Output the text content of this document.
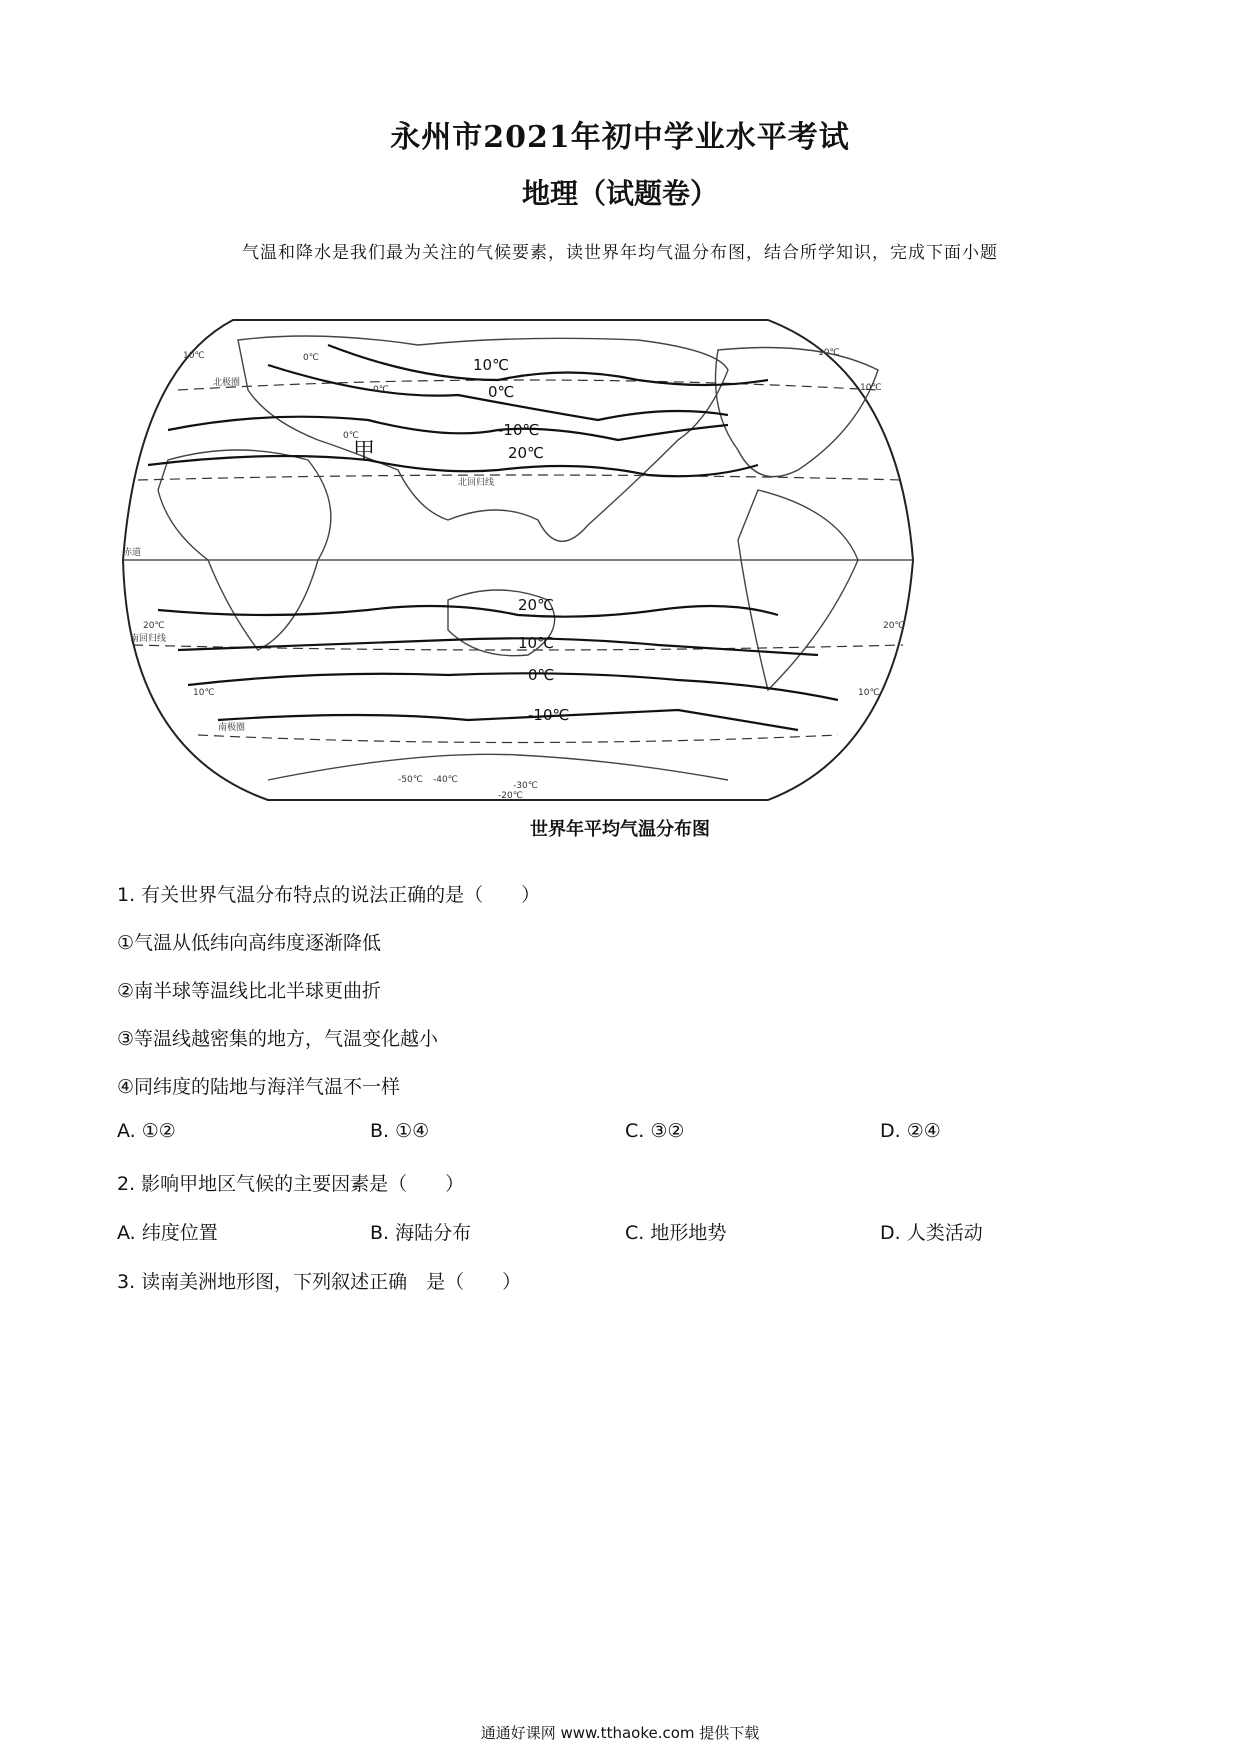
永州市2021年初中学业水平考试
地理（试题卷）
气温和降水是我们最为关注的气候要素，读世界年均气温分布图，结合所学知识，完成下面小题
10℃
0℃
-10℃
20℃
20℃
10℃
0℃
-10℃
甲
北极圈
北回归线
赤道
南回归线
南极圈
-50℃ -40℃
-20℃
-30℃
0℃
0℃
0℃
10℃
20℃	20℃
10℃
10℃
10℃
10℃
世界年平均气温分布图
1. 有关世界气温分布特点的说法正确的是（　　）
①气温从低纬向高纬度逐渐降低
②南半球等温线比北半球更曲折
③等温线越密集的地方，气温变化越小
④同纬度的陆地与海洋气温不一样
A. ①②	B. ①④	C. ③②	D. ②④
2. 影响甲地区气候的主要因素是（　　）
A. 纬度位置	B. 海陆分布	C. 地形地势	D. 人类活动
3. 读南美洲地形图，下列叙述正确　是（　　）
通通好课网 www.tthaoke.com 提供下载
